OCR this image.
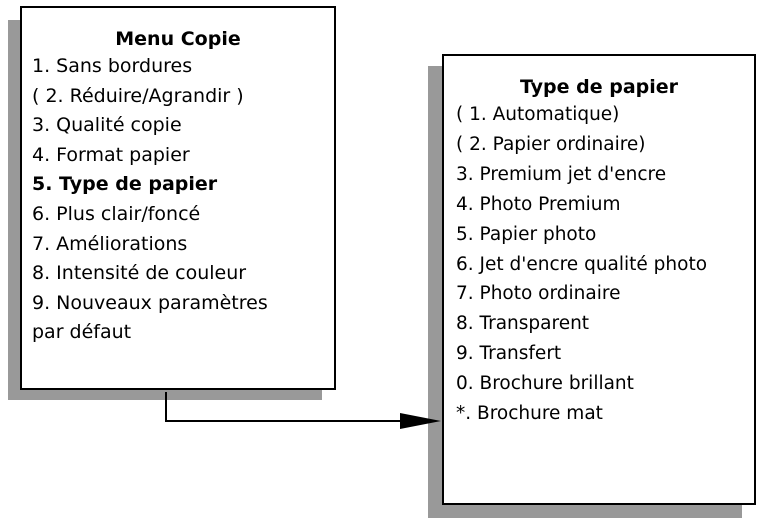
Menu Copie
1. Sans bordures
( 2. Réduire/Agrandir )
3. Qualité copie
4. Format papier
5. Type de papier
6. Plus clair/foncé
7. Améliorations
8. Intensité de couleur
9. Nouveaux paramètres
par défaut
Type de papier
( 1. Automatique)
( 2. Papier ordinaire)
3. Premium jet d'encre
4. Photo Premium
5. Papier photo
6. Jet d'encre qualité photo
7. Photo ordinaire
8. Transparent
9. Transfert
0. Brochure brillant
*. Brochure mat
